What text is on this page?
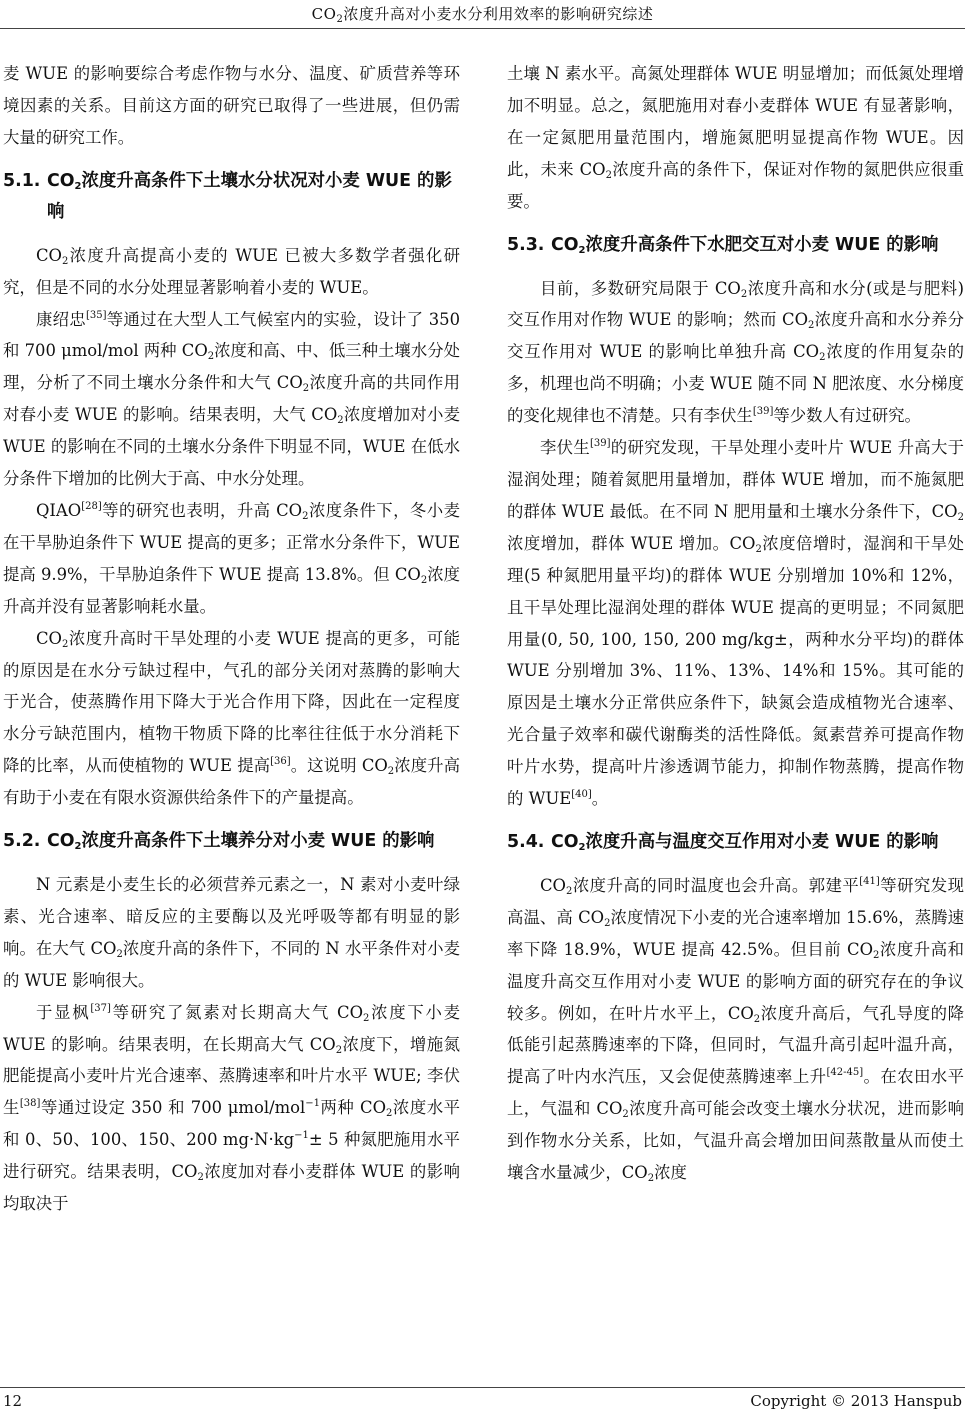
$CO_2$浓度升高对小麦水分利用效率的影响研究综述

麦 WUE 的影响要综合考虑作物与水分、温度、矿质营养等环境因素的关系。目前这方面的研究已取得了一些进展，但仍需大量的研究工作。

5.1. $CO_2$浓度升高条件下土壤水分状况对小麦 WUE 的影响

$CO_2$浓度升高提高小麦的 WUE 已被大多数学者强化研究，但是不同的水分处理显著影响着小麦的 WUE。

康绍忠[35]等通过在大型人工气候室内的实验，设计了 350 和 700 μmol/mol 两种 $CO_2$浓度和高、中、低三种土壤水分处理，分析了不同土壤水分条件和大气 $CO_2$浓度升高的共同作用对春小麦 WUE 的影响。结果表明，大气 $CO_2$浓度增加对小麦 WUE 的影响在不同的土壤水分条件下明显不同，WUE 在低水分条件下增加的比例大于高、中水分处理。

QIAO[28]等的研究也表明，升高 $CO_2$浓度条件下，冬小麦在干旱胁迫条件下 WUE 提高的更多；正常水分条件下，WUE 提高 9.9%，干旱胁迫条件下 WUE 提高 13.8%。但 $CO_2$浓度升高并没有显著影响耗水量。

$CO_2$浓度升高时干旱处理的小麦 WUE 提高的更多，可能的原因是在水分亏缺过程中，气孔的部分关闭对蒸腾的影响大于光合，使蒸腾作用下降大于光合作用下降，因此在一定程度水分亏缺范围内，植物干物质下降的比率往往低于水分消耗下降的比率，从而使植物的 WUE 提高[36]。这说明 $CO_2$浓度升高有助于小麦在有限水资源供给条件下的产量提高。

5.2. $CO_2$浓度升高条件下土壤养分对小麦 WUE 的影响

N 元素是小麦生长的必须营养元素之一，N 素对小麦叶绿素、光合速率、暗反应的主要酶以及光呼吸等都有明显的影响。在大气 $CO_2$浓度升高的条件下，不同的 N 水平条件对小麦的 WUE 影响很大。

于显枫[37]等研究了氮素对长期高大气 $CO_2$浓度下小麦 WUE 的影响。结果表明，在长期高大气 $CO_2$浓度下，增施氮肥能提高小麦叶片光合速率、蒸腾速率和叶片水平 WUE; 李伏生[38]等通过设定 350 和 700 μmol/mol$^{-1}$两种 $CO_2$浓度水平和 0、50、100、150、200 $mg\cdot N\cdot kg^{-1}\pm 5$ 种氮肥施用水平进行研究。结果表明，$CO_2$浓度加对春小麦群体 WUE 的影响均取决于

土壤 N 素水平。高氮处理群体 WUE 明显增加；而低氮处理增加不明显。总之，氮肥施用对春小麦群体 WUE 有显著影响，在一定氮肥用量范围内，增施氮肥明显提高作物 WUE。因此，未来 $CO_2$浓度升高的条件下，保证对作物的氮肥供应很重要。

5.3. $CO_2$浓度升高条件下水肥交互对小麦 WUE 的影响

目前，多数研究局限于 $CO_2$浓度升高和水分(或是与肥料)交互作用对作物 WUE 的影响；然而 $CO_2$浓度升高和水分养分交互作用对 WUE 的影响比单独升高 $CO_2$浓度的作用复杂的多，机理也尚不明确；小麦 WUE 随不同 N 肥浓度、水分梯度的变化规律也不清楚。只有李伏生[39]等少数人有过研究。

李伏生[39]的研究发现，干旱处理小麦叶片 WUE 升高大于湿润处理；随着氮肥用量增加，群体 WUE 增加，而不施氮肥的群体 WUE 最低。在不同 N 肥用量和土壤水分条件下，$CO_2$浓度增加，群体 WUE 增加。$CO_2$浓度倍增时，湿润和干旱处理(5 种氮肥用量平均)的群体 WUE 分别增加 10%和 12%，且干旱处理比湿润处理的群体 WUE 提高的更明显；不同氮肥用量(0, 50, 100, 150, 200 mg/kg±，两种水分平均)的群体 WUE 分别增加 3%、11%、13%、14%和 15%。其可能的原因是土壤水分正常供应条件下，缺氮会造成植物光合速率、光合量子效率和碳代谢酶类的活性降低。氮素营养可提高作物叶片水势，提高叶片渗透调节能力，抑制作物蒸腾，提高作物的 WUE[40]。

5.4. $CO_2$浓度升高与温度交互作用对小麦 WUE 的影响

$CO_2$浓度升高的同时温度也会升高。郭建平[41]等研究发现高温、高 $CO_2$浓度情况下小麦的光合速率增加 15.6%，蒸腾速率下降 18.9%，WUE 提高 42.5%。但目前 $CO_2$浓度升高和温度升高交互作用对小麦 WUE 的影响方面的研究存在的争议较多。例如，在叶片水平上，$CO_2$浓度升高后，气孔导度的降低能引起蒸腾速率的下降，但同时，气温升高引起叶温升高，提高了叶内水汽压，又会促使蒸腾速率上升[42-45]。在农田水平上，气温和 $CO_2$浓度升高可能会改变土壤水分状况，进而影响到作物水分关系，比如，气温升高会增加田间蒸散量从而使土壤含水量减少，$CO_2$浓度

12	Copyright © 2013 Hanspub
